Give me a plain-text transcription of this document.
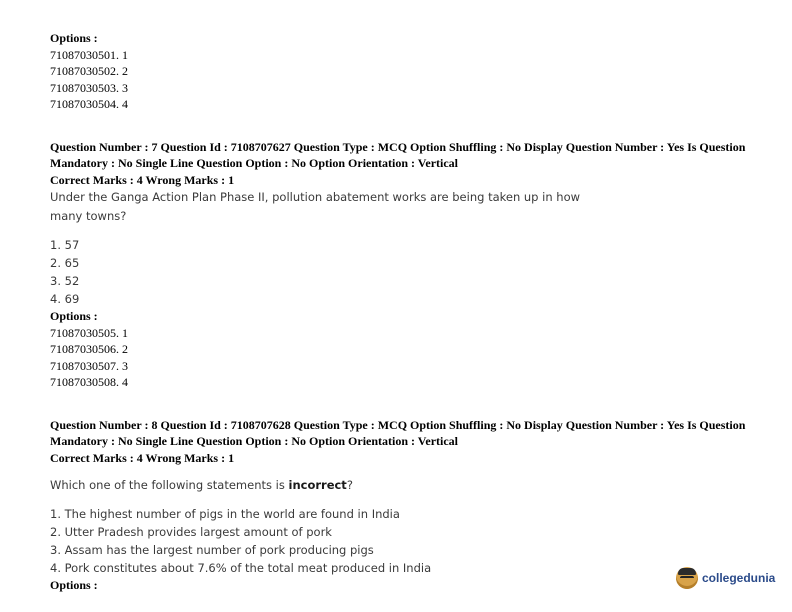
Options :
71087030501. 1
71087030502. 2
71087030503. 3
71087030504. 4
Question Number : 7 Question Id : 7108707627 Question Type : MCQ Option Shuffling : No Display Question Number : Yes Is Question
Mandatory : No Single Line Question Option : No Option Orientation : Vertical
Correct Marks : 4 Wrong Marks : 1
Under the Ganga Action Plan Phase II, pollution abatement works are being taken up in how
many towns?
1. 57
2. 65
3. 52
4. 69
Options :
71087030505. 1
71087030506. 2
71087030507. 3
71087030508. 4
Question Number : 8 Question Id : 7108707628 Question Type : MCQ Option Shuffling : No Display Question Number : Yes Is Question
Mandatory : No Single Line Question Option : No Option Orientation : Vertical
Correct Marks : 4 Wrong Marks : 1
Which one of the following statements is incorrect?
1. The highest number of pigs in the world are found in India
2. Utter Pradesh provides largest amount of pork
3. Assam has the largest number of pork producing pigs
4. Pork constitutes about 7.6% of the total meat produced in India
Options :
collegedunia
